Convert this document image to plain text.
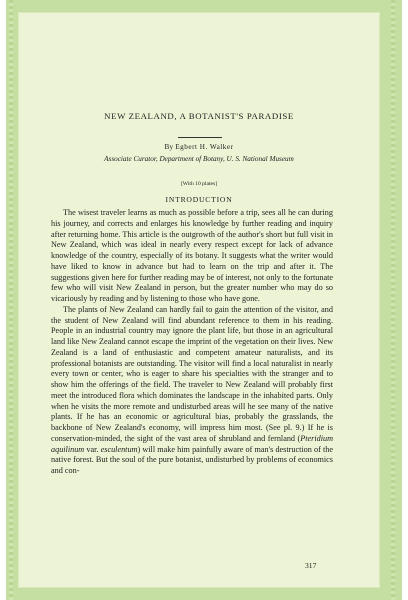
NEW ZEALAND, A BOTANIST'S PARADISE
By Egbert H. Walker
Associate Curator, Department of Botany, U. S. National Museum
[With 10 plates]
INTRODUCTION

The wisest traveler learns as much as possible before a trip, sees all he can during his journey, and corrects and enlarges his knowledge by further reading and inquiry after returning home. This article is the outgrowth of the author's short but full visit in New Zealand, which was ideal in nearly every respect except for lack of advance knowledge of the country, especially of its botany. It suggests what the writer would have liked to know in advance but had to learn on the trip and after it. The suggestions given here for further reading may be of interest, not only to the fortunate few who will visit New Zealand in person, but the greater number who may do so vicariously by reading and by listening to those who have gone.

The plants of New Zealand can hardly fail to gain the attention of the visitor, and the student of New Zealand will find abundant reference to them in his reading. People in an industrial country may ignore the plant life, but those in an agricultural land like New Zealand cannot escape the imprint of the vegetation on their lives. New Zealand is a land of enthusiastic and competent amateur naturalists, and its professional botanists are outstanding. The visitor will find a local naturalist in nearly every town or center, who is eager to share his specialties with the stranger and to show him the offerings of the field. The traveler to New Zealand will probably first meet the introduced flora which dominates the landscape in the inhabited parts. Only when he visits the more remote and undisturbed areas will he see many of the native plants. If he has an economic or agricultural bias, probably the grasslands, the backbone of New Zealand's economy, will impress him most. (See pl. 9.) If he is conservation-minded, the sight of the vast area of shrubland and fernland (Pteridium aquilinum var. esculentum) will make him painfully aware of man's destruction of the native forest. But the soul of the pure botanist, undisturbed by problems of economics and con-

317
